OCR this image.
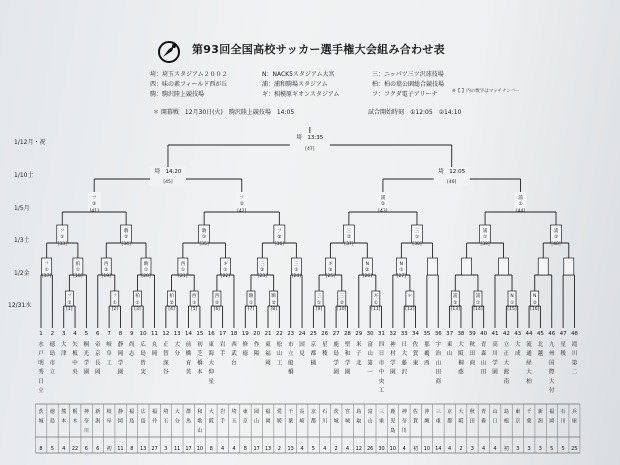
第93回全国高校サッカー選手権大会組み合わせ表
埼：埼玉スタジアム２００２
西：味の素フィールド西が丘
駒：駒沢陸上競技場
N：NACK5スタジアム大宮
浦：浦和駒場スタジアム
ギ：相模原ギオンスタジアム
三：ニッパツ三ツ沢球技場
柏：柏の葉公園総合競技場
フ：フクダ電子アリーナ	※【 】内の数字はマッチナンバー
＊ 開幕戦　12月30日(火)　駒沢陸上競技場　14:05	試合開始時刻　①12:05　②14:10
1/12月・祝
1/10土
1/5月
1/3土
1/2金
12/31水
フ
②
[1]
フ
①
[2]
柏
①
[3]
柏
②
[4]
西
①
[5]
西
②
[6]
駒
①
[7]
駒
②
[8]
三
①
[9]
三
②
[10]
ギ
①
[11]
＊
[12]
浦
②
[13]
浦
①
[14]
N
①
[15]
N
②
[16]
フ
①
[17]
柏
①
[18]
西
②
[19]
駒
①
[20]
西
①
[21]
ギ
①
[22]
三
②
[23]
三
①
[24]
ギ
②
[25]
N
②
[26]
N
①
[27]
フ
①
[33]
駒
②
[34]
駒
①
[35]
フ
②
[36]
三
②
[37]
三
①
[38]
浦
①
[39]
浦
②
[40]
フ
②
[41]
フ
②
[42]
浦
②
[43]
浦
①
[44]
埼　14:20
[45]
埼　12:05
[46]
埼　13:35
[47]
1
水
戸
明
秀
日
立
2
徳
島
市
立
3
大
津
4
矢
板
中
央
5
桐
光
学
園
6
帝
京
長
岡
7
岐
阜
工
8
静
岡
学
園
9
尚
志
10
広
島
皆
実
11
丸
岡
12
正
智
深
谷
13
大
分
14
前
橋
育
英
15
初
芝
橋
本
16
東
海
大
仰
星
17
岩
手
18
西
武
台
19
修
徳
20
作
陽
21
東
福
岡
22
松
山
工
23
市
立
船
橋
24
国
見
25
京
都
橘
26
星
稜
27
鹿
島
学
園
28
聖
和
学
園
29
米
子
北
30
富
山
第
一
31
四
日
市
中
央
工
32
神
村
学
園
33
日
大
藤
沢
34
佐
賀
東
35
那
覇
西
36
宇
治
山
田
商
37
東
山
38
大
阪
桐
蔭
39
秋
田
商
40
青
森
山
田
41
高
川
学
園
42
立
正
大
淞
南
43
大
成
44
流
通
経
大
柏
45
北
越
46
九
州
国
際
大
付
47
星
稜
48
滝
川
第
二
茨
城
8
徳
島
5
熊
本
4
栃
木
22
神
奈
川
6
新
潟
6
岐
阜
初
静
岡
11
福
島
8
広
島
13
福
井
27
埼
玉
3
大
分
11
群
馬
17
和
歌
山
10
大
阪
8
岩
手
4
埼
玉
4
東
京
8
岡
山
17
福
岡
13
愛
媛
2
千
葉
13
長
崎
4
京
都
5
石
川
4
茨
城
2
宮
城
4
鳥
取
12
富
山
26
三
重
30
鹿
児
島
10
神
奈
川
4
佐
賀
初
沖
縄
10
三
重
14
京
都
4
大
阪
2
秋
田
3
青
森
4
山
口
4
島
根
初
東
京
3
千
葉
3
新
潟
3
福
岡
5
石
川
5
兵
庫
25
